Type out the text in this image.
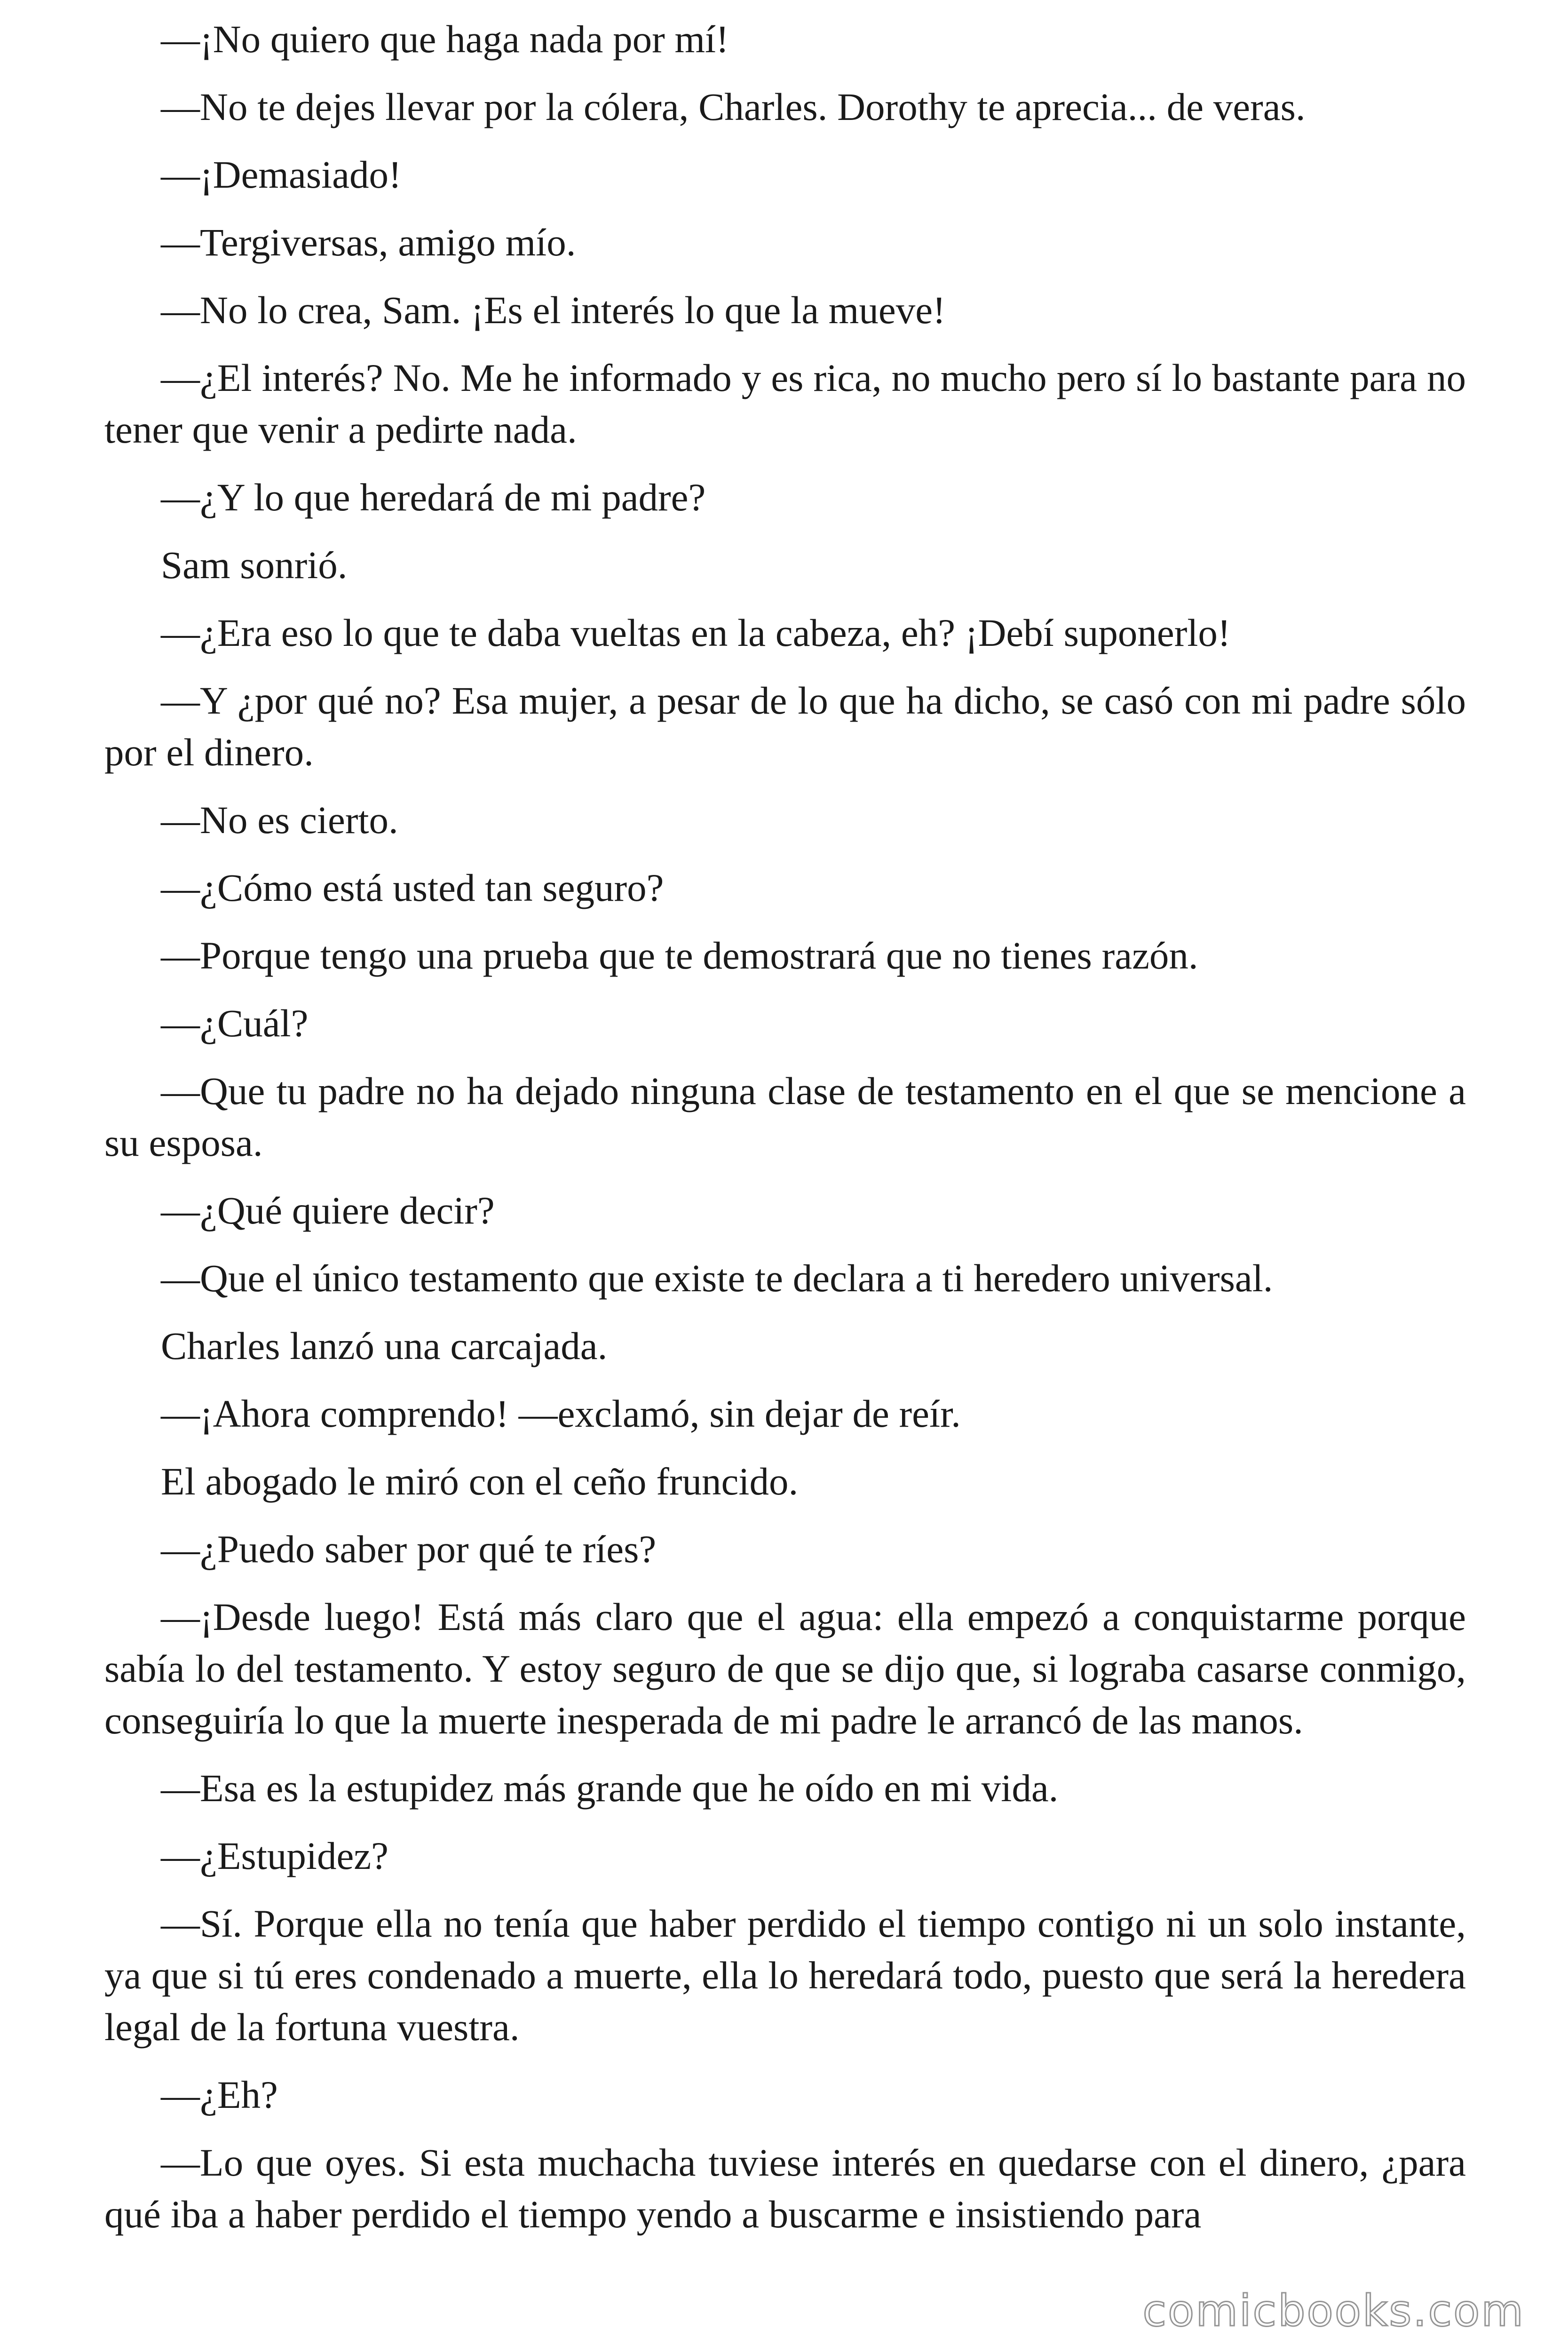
—¡No quiero que haga nada por mí!

—No te dejes llevar por la cólera, Charles. Dorothy te aprecia... de veras.

—¡Demasiado!

—Tergiversas, amigo mío.

—No lo crea, Sam. ¡Es el interés lo que la mueve!

—¿El interés? No. Me he informado y es rica, no mucho pero sí lo bastante para no tener que venir a pedirte nada.

—¿Y lo que heredará de mi padre?

Sam sonrió.

—¿Era eso lo que te daba vueltas en la cabeza, eh? ¡Debí suponerlo!

—Y ¿por qué no? Esa mujer, a pesar de lo que ha dicho, se casó con mi padre sólo por el dinero.

—No es cierto.

—¿Cómo está usted tan seguro?

—Porque tengo una prueba que te demostrará que no tienes razón.

—¿Cuál?

—Que tu padre no ha dejado ninguna clase de testamento en el que se mencione a su esposa.

—¿Qué quiere decir?

—Que el único testamento que existe te declara a ti heredero universal.

Charles lanzó una carcajada.

—¡Ahora comprendo! —exclamó, sin dejar de reír.

El abogado le miró con el ceño fruncido.

—¿Puedo saber por qué te ríes?

—¡Desde luego! Está más claro que el agua: ella empezó a conquistarme porque sabía lo del testamento. Y estoy seguro de que se dijo que, si lograba casarse conmigo, conseguiría lo que la muerte inesperada de mi padre le arrancó de las manos.

—Esa es la estupidez más grande que he oído en mi vida.

—¿Estupidez?

—Sí. Porque ella no tenía que haber perdido el tiempo contigo ni un solo instante, ya que si tú eres condenado a muerte, ella lo heredará todo, puesto que será la heredera legal de la fortuna vuestra.

—¿Eh?

—Lo que oyes. Si esta muchacha tuviese interés en quedarse con el dinero, ¿para qué iba a haber perdido el tiempo yendo a buscarme e insistiendo para

comicbooks.com
